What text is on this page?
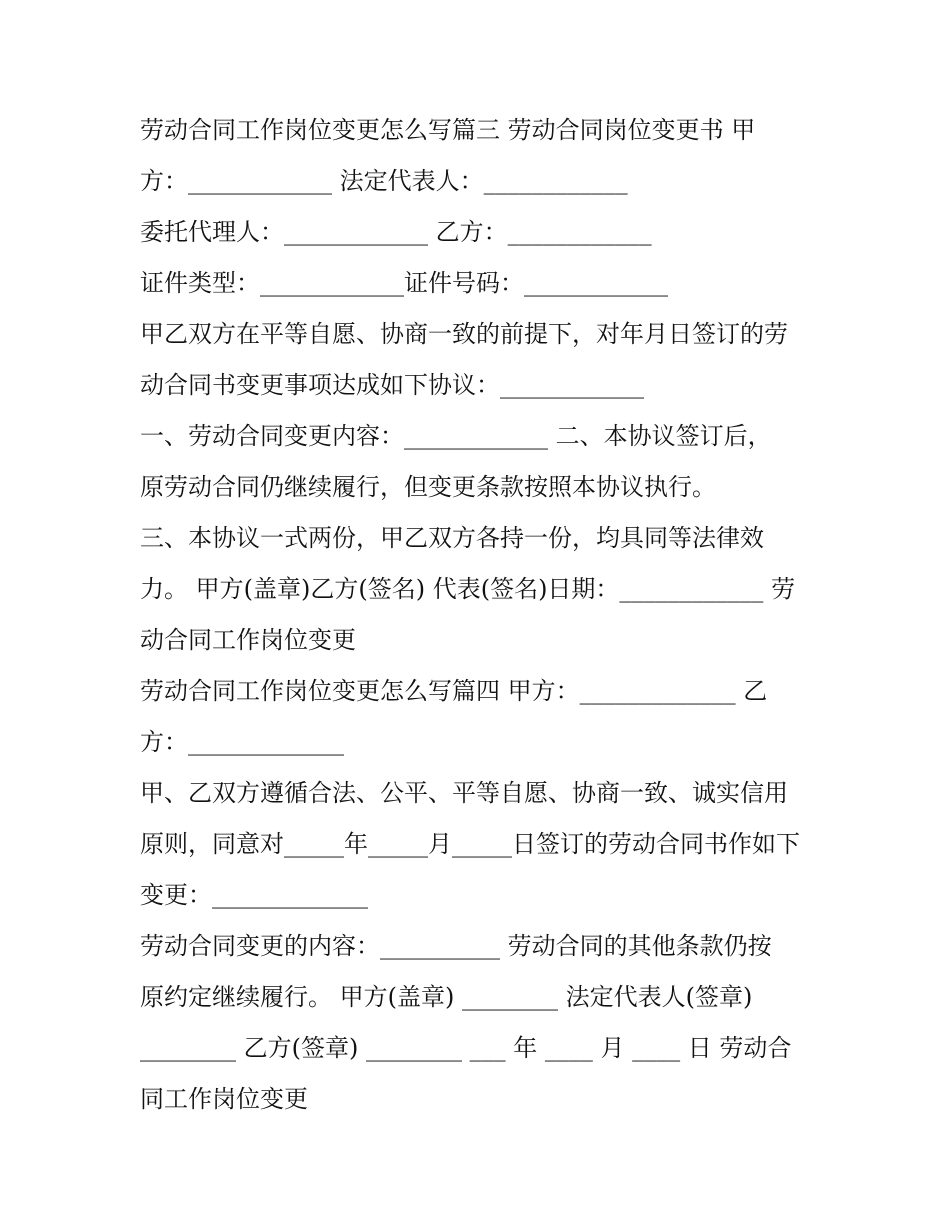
劳动合同工作岗位变更怎么写篇三 劳动合同岗位变更书 甲

方：____________ 法定代表人：____________

委托代理人：____________ 乙方：____________

证件类型：____________证件号码：____________

甲乙双方在平等自愿、协商一致的前提下，对年月日签订的劳

动合同书变更事项达成如下协议：____________

一、劳动合同变更内容：____________ 二、本协议签订后，

原劳动合同仍继续履行，但变更条款按照本协议执行。

三、本协议一式两份，甲乙双方各持一份，均具同等法律效

力。 甲方(盖章)乙方(签名) 代表(签名)日期：____________ 劳

动合同工作岗位变更

劳动合同工作岗位变更怎么写篇四 甲方：_____________ 乙

方：_____________

甲、乙双方遵循合法、公平、平等自愿、协商一致、诚实信用

原则，同意对_____年_____月_____日签订的劳动合同书作如下

变更：_____________

劳动合同变更的内容：__________ 劳动合同的其他条款仍按

原约定继续履行。 甲方(盖章) ________ 法定代表人(签章)

________ 乙方(签章) ________ ___ 年 ____ 月 ____ 日 劳动合

同工作岗位变更
